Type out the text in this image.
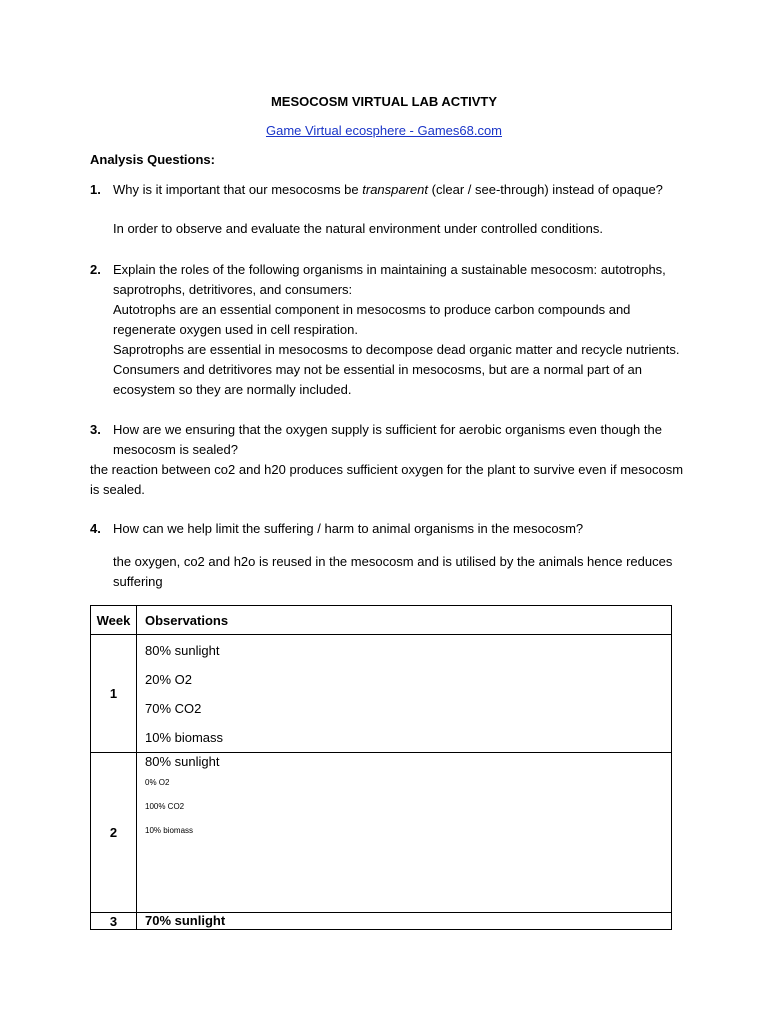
MESOCOSM VIRTUAL LAB ACTIVTY
Game Virtual ecosphere - Games68.com
Analysis Questions:
1. Why is it important that our mesocosms be transparent (clear / see-through) instead of opaque?
In order to observe and evaluate the natural environment under controlled conditions.
2. Explain the roles of the following organisms in maintaining a sustainable mesocosm: autotrophs,
saprotrophs, detritivores, and consumers:
Autotrophs are an essential component in mesocosms to produce carbon compounds and
regenerate oxygen used in cell respiration.
Saprotrophs are essential in mesocosms to decompose dead organic matter and recycle nutrients.
Consumers and detritivores may not be essential in mesocosms, but are a normal part of an
ecosystem so they are normally included.
3. How are we ensuring that the oxygen supply is sufficient for aerobic organisms even though the
mesocosm is sealed?
the reaction between co2 and h20 produces sufficient oxygen for the plant to survive even if mesocosm
is sealed.
4. How can we help limit the suffering / harm to animal organisms in the mesocosm?
the oxygen, co2 and h2o is reused in the mesocosm and is utilised by the animals hence reduces
suffering
Week	Observations
1	80% sunlight
20% O2
70% CO2
10% biomass

2	80% sunlight
0% O2
100% CO2
10% biomass

3	70% sunlight
